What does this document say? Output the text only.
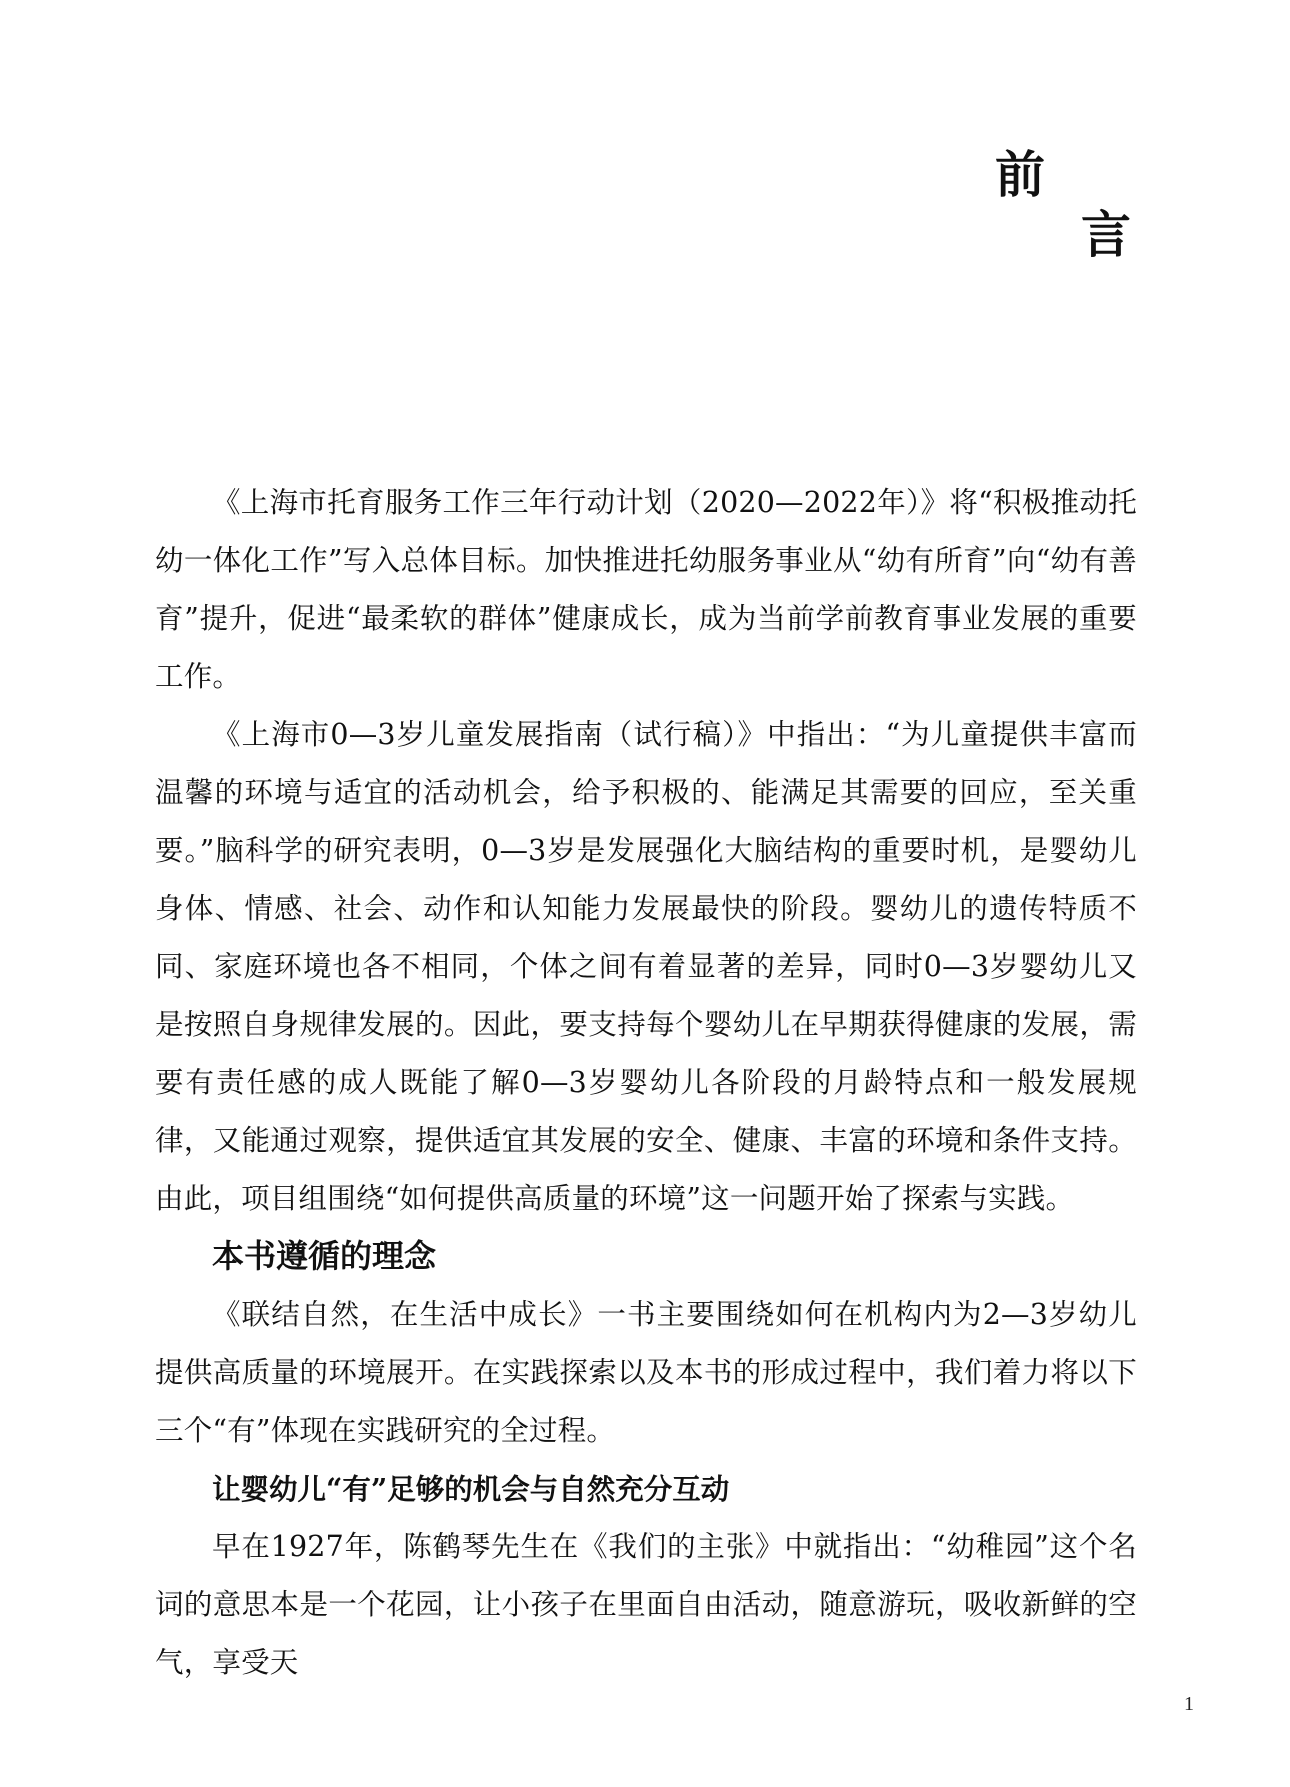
前
言

《上海市托育服务工作三年行动计划（2020—2022年）》将“积极推动托幼一体化工作”写入总体目标。加快推进托幼服务事业从“幼有所育”向“幼有善育”提升，促进“最柔软的群体”健康成长，成为当前学前教育事业发展的重要工作。

《上海市0—3岁儿童发展指南（试行稿）》中指出：“为儿童提供丰富而温馨的环境与适宜的活动机会，给予积极的、能满足其需要的回应，至关重要。”脑科学的研究表明，0—3岁是发展强化大脑结构的重要时机，是婴幼儿身体、情感、社会、动作和认知能力发展最快的阶段。婴幼儿的遗传特质不同、家庭环境也各不相同，个体之间有着显著的差异，同时0—3岁婴幼儿又是按照自身规律发展的。因此，要支持每个婴幼儿在早期获得健康的发展，需要有责任感的成人既能了解0—3岁婴幼儿各阶段的月龄特点和一般发展规律，又能通过观察，提供适宜其发展的安全、健康、丰富的环境和条件支持。由此，项目组围绕“如何提供高质量的环境”这一问题开始了探索与实践。

本书遵循的理念

《联结自然，在生活中成长》一书主要围绕如何在机构内为2—3岁幼儿提供高质量的环境展开。在实践探索以及本书的形成过程中，我们着力将以下三个“有”体现在实践研究的全过程。

让婴幼儿“有”足够的机会与自然充分互动

早在1927年，陈鹤琴先生在《我们的主张》中就指出：“幼稚园”这个名词的意思本是一个花园，让小孩子在里面自由活动，随意游玩，吸收新鲜的空气，享受天

1
